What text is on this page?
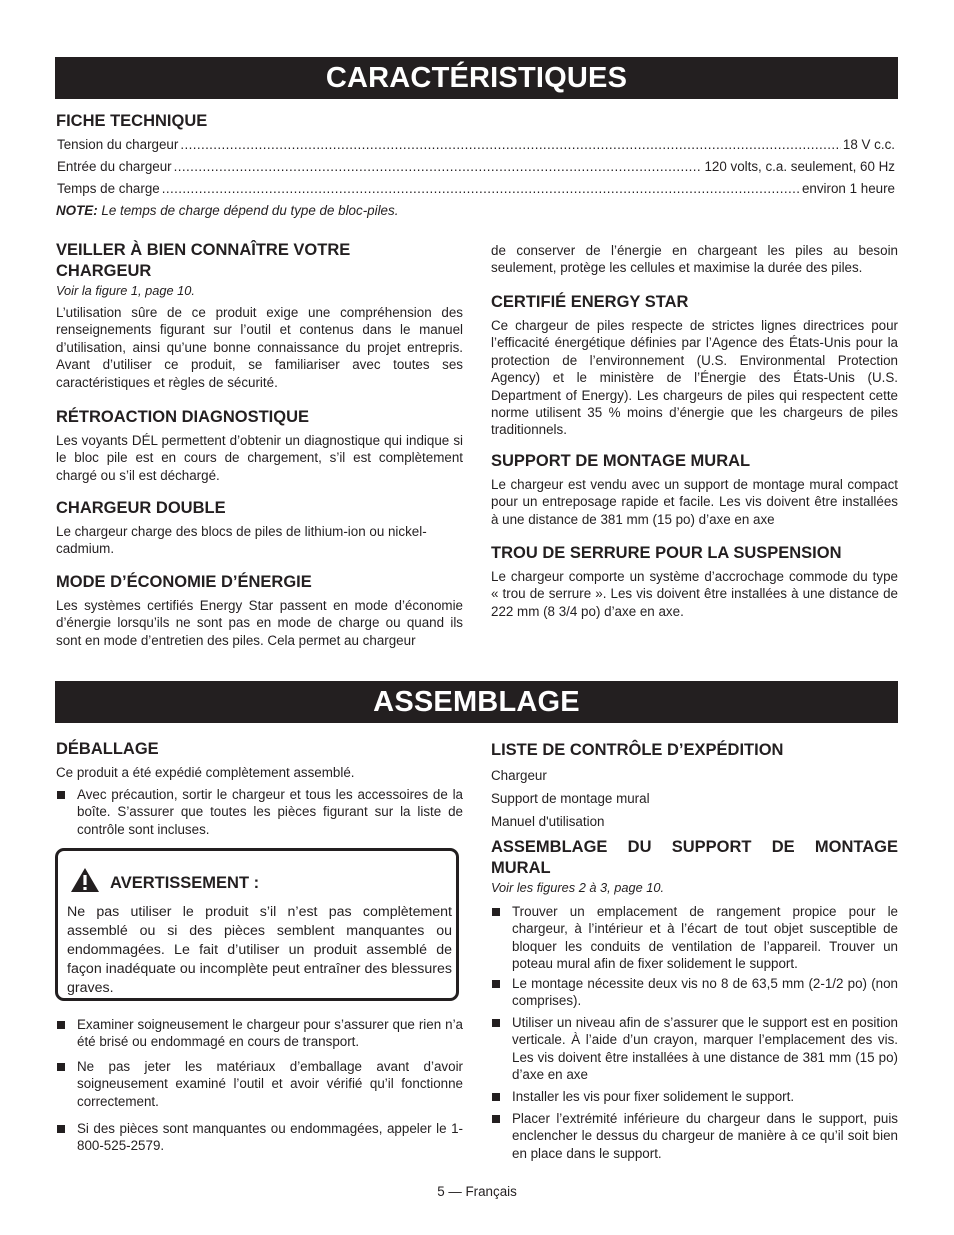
CARACTÉRISTIQUES
FICHE TECHNIQUE
Tension du chargeur .....	18 V c.c.
Entrée du chargeur .....	120 volts, c.a. seulement, 60 Hz
Temps de charge .....	environ 1 heure
NOTE: Le temps de charge dépend du type de bloc-piles.
VEILLER À BIEN CONNAÎTRE VOTRE
CHARGEUR
Voir la figure 1, page 10.
L’utilisation sûre de ce produit exige une compréhension des renseignements figurant sur l’outil et contenus dans le manuel d’utilisation, ainsi qu’une bonne connaissance du projet entrepris. Avant d’utiliser ce produit, se familiariser avec toutes ses caractéristiques et règles de sécurité.
RÉTROACTION DIAGNOSTIQUE
Les voyants DÉL permettent d’obtenir un diagnostique qui indique si le bloc pile est en cours de chargement, s’il est complètement chargé ou s’il est déchargé.
CHARGEUR DOUBLE
Le chargeur charge des blocs de piles de lithium-ion ou nickel-cadmium.
MODE D’ÉCONOMIE D’ÉNERGIE
Les systèmes certifiés Energy Star passent en mode d’économie d’énergie lorsqu’ils ne sont pas en mode de charge ou quand ils sont en mode d’entretien des piles. Cela permet au chargeur
de conserver de l’énergie en chargeant les piles au besoin seulement, protège les cellules et maximise la durée des piles.
CERTIFIÉ ENERGY STAR
Ce chargeur de piles respecte de strictes lignes directrices pour l’efficacité énergétique définies par l’Agence des États-Unis pour la protection de l’environnement (U.S. Environmental Protection Agency) et le ministère de l’Énergie des États-Unis (U.S. Department of Energy). Les chargeurs de piles qui respectent cette norme utilisent 35 % moins d’énergie que les chargeurs de piles traditionnels.
SUPPORT DE MONTAGE MURAL
Le chargeur est vendu avec un support de montage mural compact pour un entreposage rapide et facile. Les vis doivent être installées à une distance de 381 mm (15 po) d’axe en axe
TROU DE SERRURE POUR LA SUSPENSION
Le chargeur comporte un système d’accrochage commode du type « trou de serrure ». Les vis doivent être installées à une distance de 222 mm (8 3/4 po) d’axe en axe.
ASSEMBLAGE
DÉBALLAGE
Ce produit a été expédié complètement assemblé.
Avec précaution, sortir le chargeur et tous les accessoires de la boîte. S’assurer que toutes les pièces figurant sur la liste de contrôle sont incluses.
AVERTISSEMENT :
Ne pas utiliser le produit s’il n’est pas complètement assemblé ou si des pièces semblent manquantes ou endommagées. Le fait d’utiliser un produit assemblé de façon inadéquate ou incomplète peut entraîner des blessures graves.
Examiner soigneusement le chargeur pour s’assurer que rien n’a été brisé ou endommagé en cours de transport.
Ne pas jeter les matériaux d’emballage avant d’avoir soigneusement examiné l’outil et avoir vérifié qu’il fonctionne correctement.
Si des pièces sont manquantes ou endommagées, appeler le 1-800-525-2579.
LISTE DE CONTRÔLE D’EXPÉDITION
Chargeur
Support de montage mural
Manuel d'utilisation
ASSEMBLAGE DU SUPPORT DE MONTAGE
MURAL
Voir les figures 2 à 3, page 10.
Trouver un emplacement de rangement propice pour le chargeur, à l’intérieur et à l’écart de tout objet susceptible de bloquer les conduits de ventilation de l’appareil. Trouver un poteau mural afin de fixer solidement le support.
Le montage nécessite deux vis no 8 de 63,5 mm (2-1/2 po) (non comprises).
Utiliser un niveau afin de s’assurer que le support est en position verticale. À l’aide d’un crayon, marquer l’emplacement des vis. Les vis doivent être installées à une distance de 381 mm (15 po) d’axe en axe
Installer les vis pour fixer solidement le support.
Placer l’extrémité inférieure du chargeur dans le support, puis enclencher le dessus du chargeur de manière à ce qu’il soit bien en place dans le support.
5 — Français
